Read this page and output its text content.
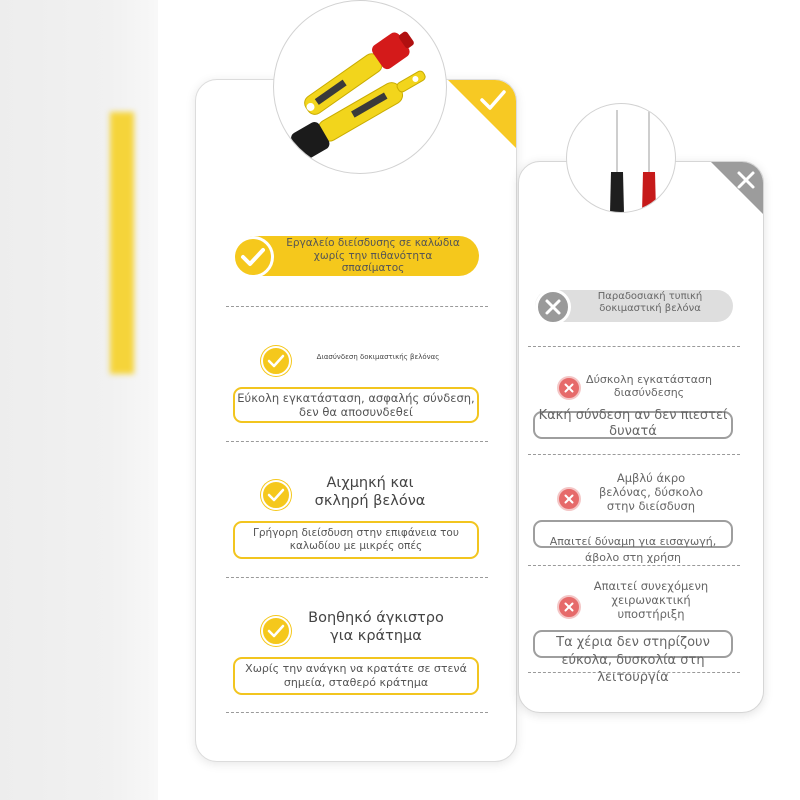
Εργαλείο διείσδυσης σε καλώδια χωρίς την πιθανότητα σπασίματος
Διασύνδεση δοκιμαστικής βελόνας
Εύκολη εγκατάσταση, ασφαλής σύνδεση, δεν θα αποσυνδεθεί
Αιχμηκή και σκληρή βελόνα
Γρήγορη διείσδυση στην επιφάνεια του καλωδίου με μικρές οπές
Βοηθηκό άγκιστρο για κράτημα
Χωρίς την ανάγκη να κρατάτε σε στενά σημεία, σταθερό κράτημα
Παραδοσιακή τυπική δοκιμαστική βελόνα
Δύσκολη εγκατάσταση διασύνδεσης
Κακή σύνδεση αν δεν πιεστεί δυνατά
Αμβλύ άκρο βελόνας, δύσκολο στην διείσδυση
Απαιτεί δύναμη για εισαγωγή, άβολο στη χρήση
Απαιτεί συνεχόμενη χειρωνακτική υποστήριξη
Τα χέρια δεν στηρίζουν εύκολα, δυσκολία στη λειτουργία
